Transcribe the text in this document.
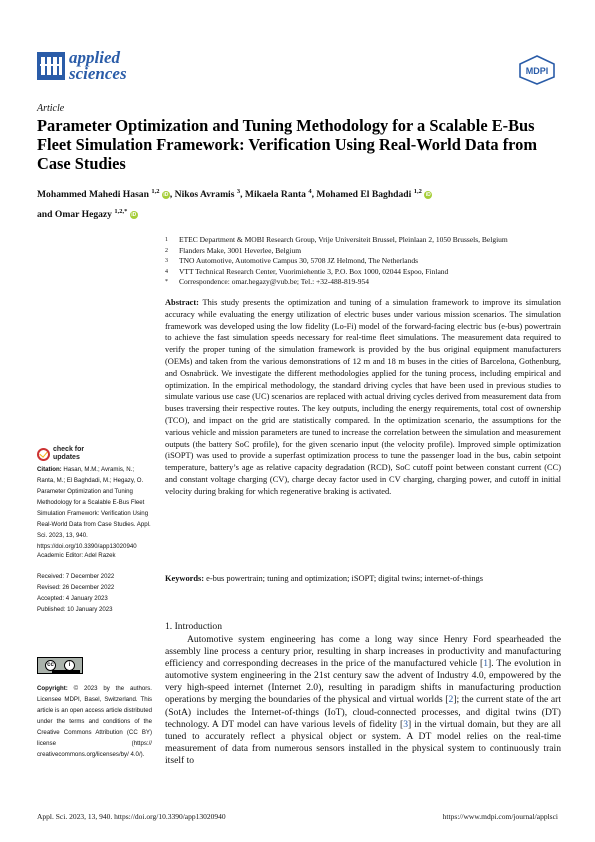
applied
sciences	MDPI
Article
Parameter Optimization and Tuning Methodology for a Scalable E-Bus Fleet Simulation Framework: Verification Using Real-World Data from Case Studies
Mohammed Mahedi Hasan $^{1,2}$ iD , Nikos Avramis $^3$, Mikaela Ranta $^4$, Mohamed El Baghdadi $^{1,2}$ iD
and Omar Hegazy $^{1,2,*}$ iD
1	ETEC Department & MOBI Research Group, Vrije Universiteit Brussel, Pleinlaan 2, 1050 Brussels, Belgium
2	Flanders Make, 3001 Heverlee, Belgium
3	TNO Automotive, Automotive Campus 30, 5708 JZ Helmond, The Netherlands
4	VTT Technical Research Center, Vuorimiehentie 3, P.O. Box 1000, 02044 Espoo, Finland
*	Correspondence: omar.hegazy@vub.be; Tel.: +32-488-819-954
Abstract: This study presents the optimization and tuning of a simulation framework to improve its simulation accuracy while evaluating the energy utilization of electric buses under various mission scenarios. The simulation framework was developed using the low fidelity (Lo-Fi) model of the forward-facing electric bus (e-bus) powertrain to achieve the fast simulation speeds necessary for real-time fleet simulations. The measurement data required to verify the proper tuning of the simulation framework is provided by the bus original equipment manufacturers (OEMs) and taken from the various demonstrations of 12 m and 18 m buses in the cities of Barcelona, Gothenburg, and Osnabrück. We investigate the different methodologies applied for the tuning process, including empirical and optimization. In the empirical methodology, the standard driving cycles that have been used in previous studies to simulate various use case (UC) scenarios are replaced with actual driving cycles derived from measurement data from buses traversing their respective routes. The key outputs, including the energy requirements, total cost of ownership (TCO), and impact on the grid are statistically compared. In the optimization scenario, the assumptions for the various vehicle and mission parameters are tuned to increase the correlation between the simulation and measurement outputs (the battery SoC profile), for the given scenario input (the velocity profile). Improved simple optimization (iSOPT) was used to provide a superfast optimization process to tune the passenger load in the bus, cabin setpoint temperature, battery’s age as relative capacity degradation (RCD), SoC cutoff point between constant current (CC) and constant voltage charging (CV), charge decay factor used in CV charging, charging power, and cutoff in initial velocity during braking for which regenerative braking is activated.
Keywords: e-bus powertrain; tuning and optimization; iSOPT; digital twins; internet-of-things
check for
updates
Citation: Hasan, M.M.; Avramis, N.; Ranta, M.; El Baghdadi, M.; Hegazy, O. Parameter Optimization and Tuning Methodology for a Scalable E-Bus Fleet Simulation Framework: Verification Using Real-World Data from Case Studies. Appl. Sci. 2023, 13, 940. https://doi.org/10.3390/app13020940
Academic Editor: Adel Razek
Received: 7 December 2022
Revised: 26 December 2022
Accepted: 4 January 2023
Published: 10 January 2023
cc	i
Copyright: © 2023 by the authors. Licensee MDPI, Basel, Switzerland. This article is an open access article distributed under the terms and conditions of the Creative Commons Attribution (CC BY) license (https:// creativecommons.org/licenses/by/ 4.0/).
1. Introduction
Automotive system engineering has come a long way since Henry Ford spearheaded the assembly line process a century prior, resulting in sharp increases in productivity and manufacturing efficiency and corresponding decreases in the price of the manufactured vehicle [1]. The evolution in automotive system engineering in the 21st century saw the advent of Industry 4.0, empowered by the very high-speed internet (Internet 2.0), resulting in paradigm shifts in manufacturing production operations by merging the boundaries of the physical and virtual worlds [2]; the current state of the art (SotA) includes the Internet-of-things (IoT), cloud-connected processes, and digital twins (DT) technology. A DT model can have various levels of fidelity [3] in the virtual domain, but they are all tuned to accurately reflect a physical object or system. A DT model relies on the real-time measurement of data from numerous sensors installed in the physical system to continuously train itself to
Appl. Sci. 2023, 13, 940. https://doi.org/10.3390/app13020940	https://www.mdpi.com/journal/applsci
